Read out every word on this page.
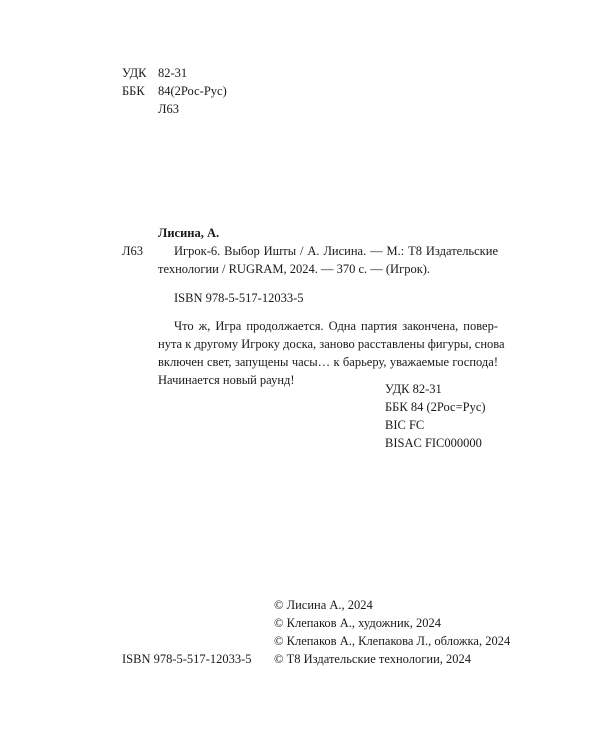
УДК 82-31
ББК 84(2Рос-Рус)
Л63
Лисина, А.
Л63 Игрок-6. Выбор Ишты / А. Лисина. — М.: Т8 Издательские
технологии / RUGRAM, 2024. — 370 с. — (Игрок).
ISBN 978-5-517-12033-5
Что ж, Игра продолжается. Одна партия закончена, повер-
нута к другому Игроку доска, заново расставлены фигуры, снова
включен свет, запущены часы… к барьеру, уважаемые господа!
Начинается новый раунд!
УДК 82-31
ББК 84 (2Рос=Рус)
BIC FC
BISAC FIC000000
© Лисина А., 2024
© Клепаков А., художник, 2024
© Клепаков А., Клепакова Л., обложка, 2024
ISBN 978-5-517-12033-5 © Т8 Издательские технологии, 2024
